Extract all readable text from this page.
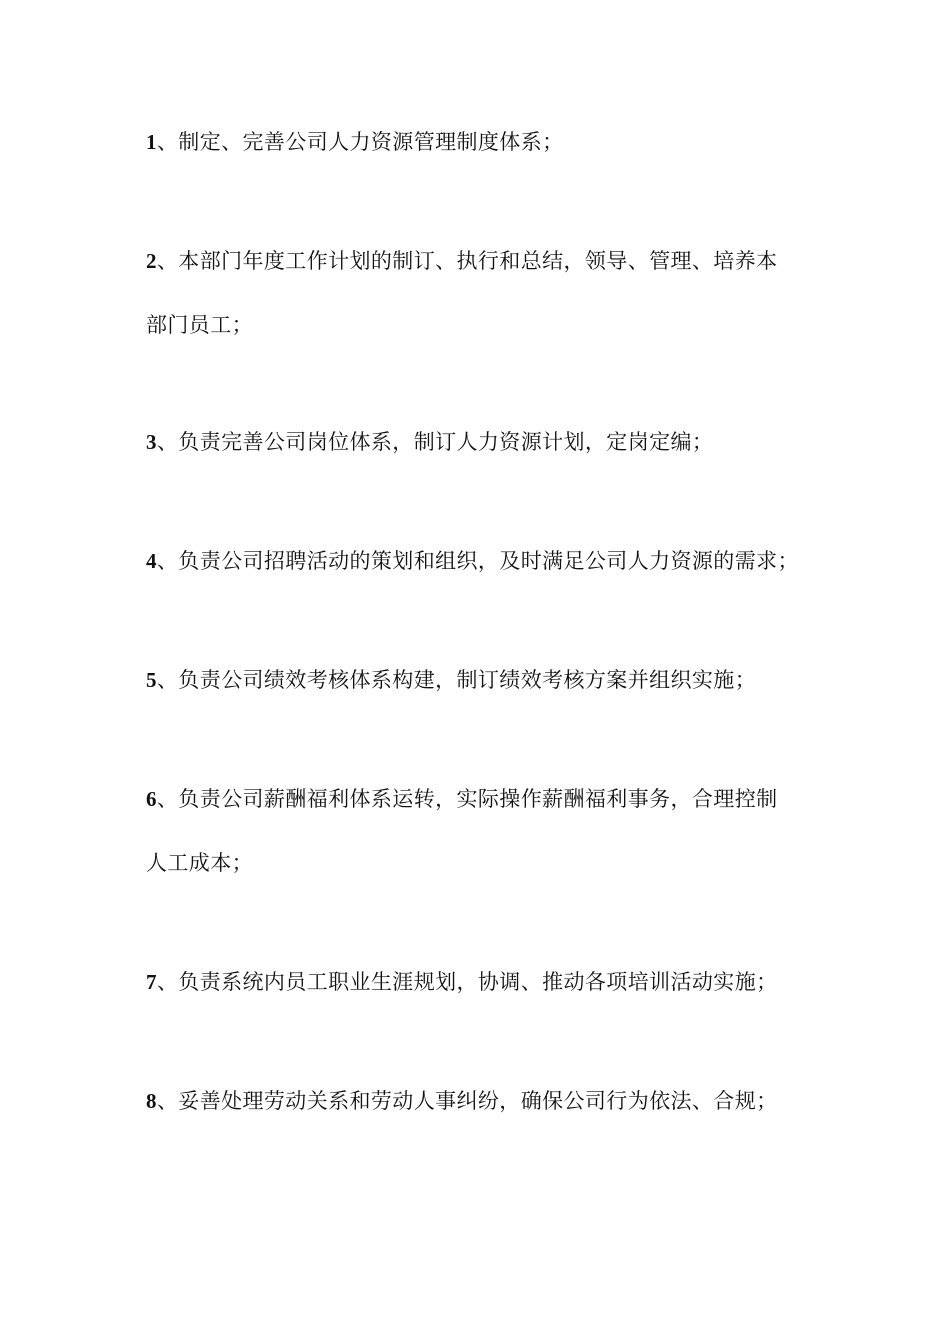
1、制定、完善公司人力资源管理制度体系；
2、本部门年度工作计划的制订、执行和总结，领导、管理、培养本
部门员工；
3、负责完善公司岗位体系，制订人力资源计划，定岗定编；
4、负责公司招聘活动的策划和组织，及时满足公司人力资源的需求；
5、负责公司绩效考核体系构建，制订绩效考核方案并组织实施；
6、负责公司薪酬福利体系运转，实际操作薪酬福利事务，合理控制
人工成本；
7、负责系统内员工职业生涯规划，协调、推动各项培训活动实施；
8、妥善处理劳动关系和劳动人事纠纷，确保公司行为依法、合规；
